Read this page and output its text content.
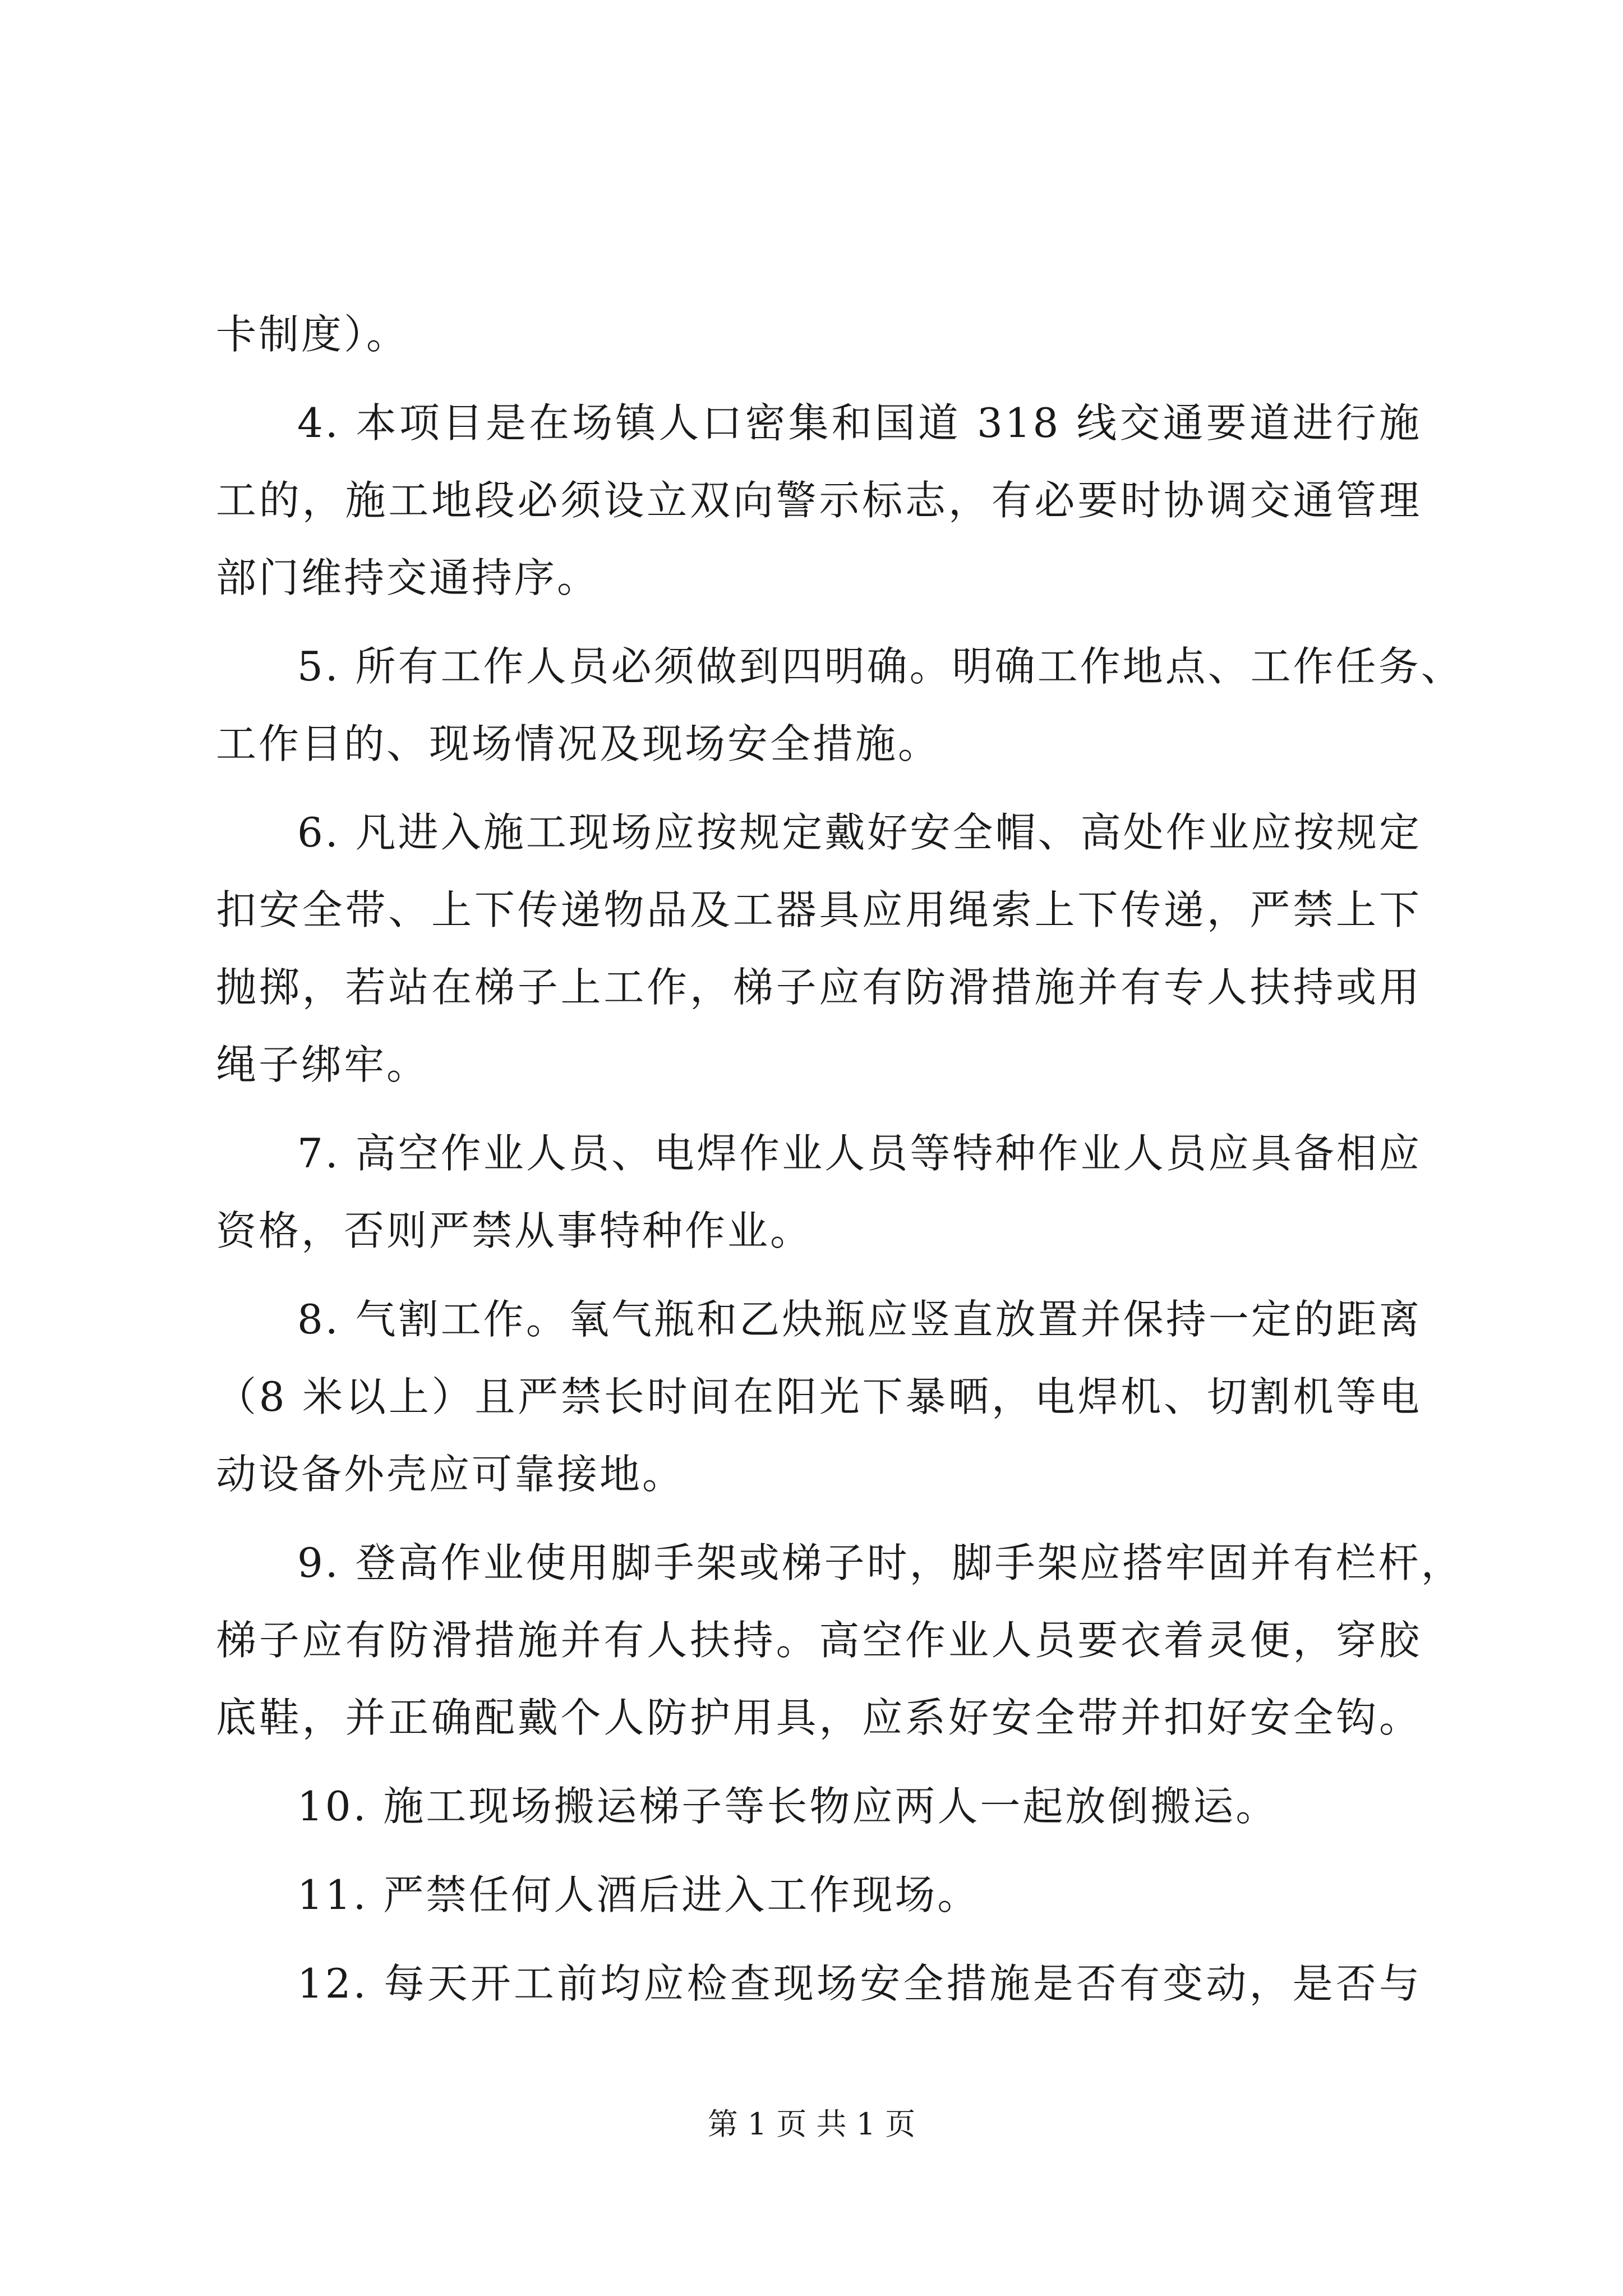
卡制度）。
4. 本项目是在场镇人口密集和国道 318 线交通要道进行施
工的，施工地段必须设立双向警示标志，有必要时协调交通管理
部门维持交通持序。
5. 所有工作人员必须做到四明确。明确工作地点、工作任务、
工作目的、现场情况及现场安全措施。
6. 凡进入施工现场应按规定戴好安全帽、高处作业应按规定
扣安全带、上下传递物品及工器具应用绳索上下传递，严禁上下
抛掷，若站在梯子上工作，梯子应有防滑措施并有专人扶持或用
绳子绑牢。
7. 高空作业人员、电焊作业人员等特种作业人员应具备相应
资格，否则严禁从事特种作业。
8. 气割工作。氧气瓶和乙炔瓶应竖直放置并保持一定的距离
（8 米以上）且严禁长时间在阳光下暴晒，电焊机、切割机等电
动设备外壳应可靠接地。
9. 登高作业使用脚手架或梯子时，脚手架应搭牢固并有栏杆，
梯子应有防滑措施并有人扶持。高空作业人员要衣着灵便，穿胶
底鞋，并正确配戴个人防护用具，应系好安全带并扣好安全钩。
10. 施工现场搬运梯子等长物应两人一起放倒搬运。
11. 严禁任何人酒后进入工作现场。
12. 每天开工前均应检查现场安全措施是否有变动，是否与
第 1 页 共 1 页
